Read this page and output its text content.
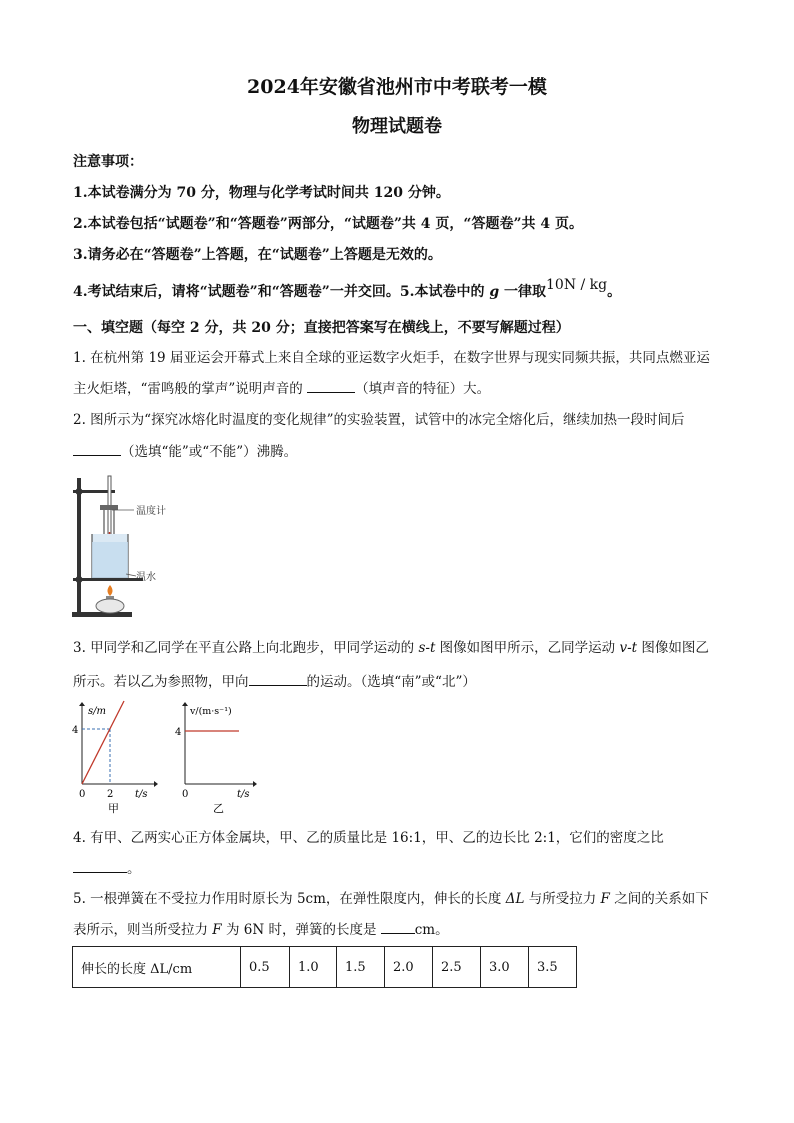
2024年安徽省池州市中考联考一模
物理试题卷
注意事项：
1.本试卷满分为 70 分，物理与化学考试时间共 120 分钟。
2.本试卷包括“试题卷”和“答题卷”两部分，“试题卷”共 4 页，“答题卷”共 4 页。
3.请务必在“答题卷”上答题，在“试题卷”上答题是无效的。
4.考试结束后，请将“试题卷”和“答题卷”一并交回。5.本试卷中的 g 一律取10N / kg。
一、填空题（每空 2 分，共 20 分；直接把答案写在横线上，不要写解题过程）
1. 在杭州第 19 届亚运会开幕式上来自全球的亚运数字火炬手，在数字世界与现实同频共振，共同点燃亚运
主火炬塔，“雷鸣般的掌声”说明声音的	（填声音的特征）大。
2. 图所示为“探究冰熔化时温度的变化规律”的实验装置，试管中的冰完全熔化后，继续加热一段时间后
（选填“能”或“不能”）沸腾。
温度计
温水
3. 甲同学和乙同学在平直公路上向北跑步，甲同学运动的 s-t 图像如图甲所示，乙同学运动 v-t 图像如图乙
所示。若以乙为参照物，甲向	的运动。（选填“南”或“北”）
s/m
4
0 2 t/s
甲
v/(m·s⁻¹)
4
0	t/s
乙
4. 有甲、乙两实心正方体金属块，甲、乙的质量比是 16:1，甲、乙的边长比 2:1，它们的密度之比
。
5. 一根弹簧在不受拉力作用时原长为 5cm，在弹性限度内，伸长的长度 ΔL 与所受拉力 F 之间的关系如下
表所示，则当所受拉力 F 为 6N 时，弹簧的长度是	cm。
伸长的长度 ΔL/cm	0.5	1.0	1.5	2.0	2.5	3.0	3.5
